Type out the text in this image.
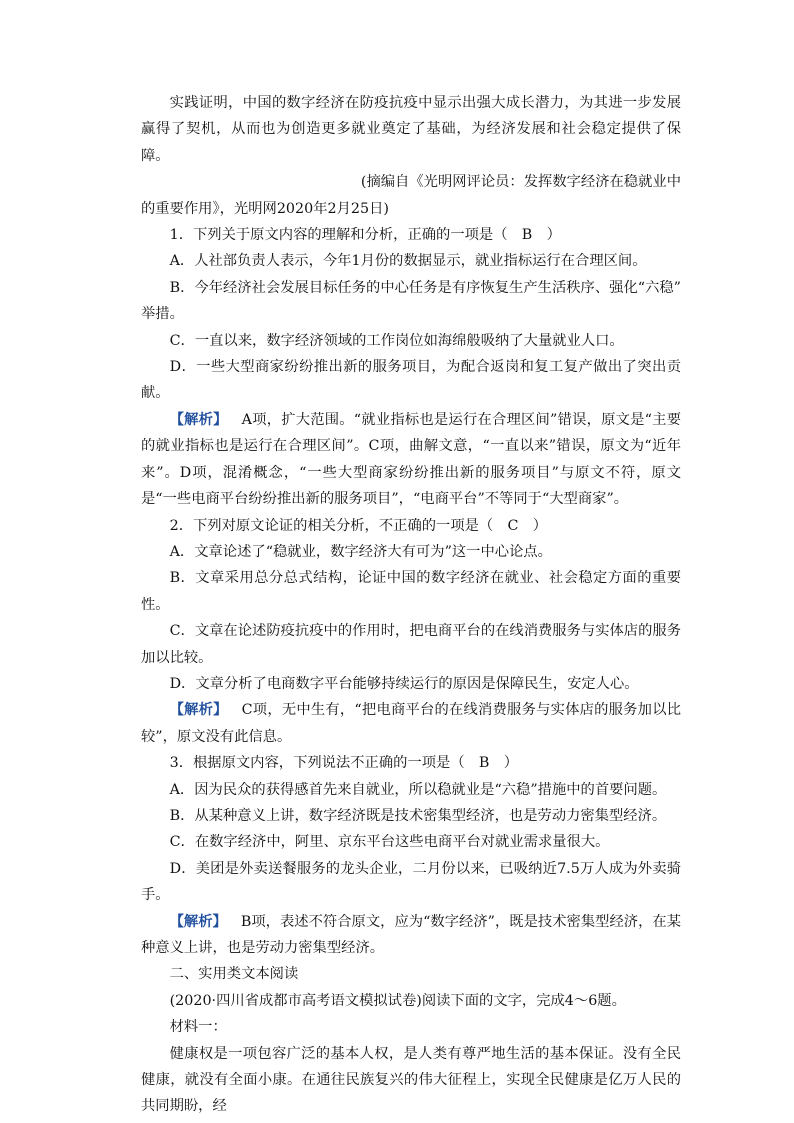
实践证明，中国的数字经济在防疫抗疫中显示出强大成长潜力，为其进一步发展赢得了契机，从而也为创造更多就业奠定了基础，为经济发展和社会稳定提供了保障。

(摘编自《光明网评论员：发挥数字经济在稳就业中

的重要作用》，光明网2020年2月25日)

1．下列关于原文内容的理解和分析，正确的一项是（　B　）

A．人社部负责人表示，今年1月份的数据显示，就业指标运行在合理区间。

B．今年经济社会发展目标任务的中心任务是有序恢复生产生活秩序、强化“六稳” 举措。

C．一直以来，数字经济领域的工作岗位如海绵般吸纳了大量就业人口。

D．一些大型商家纷纷推出新的服务项目，为配合返岗和复工复产做出了突出贡献。

【解析】 A项，扩大范围。“就业指标也是运行在合理区间”错误，原文是“主要的就业指标也是运行在合理区间”。C项，曲解文意，“一直以来”错误，原文为“近年来”。D项，混淆概念，“一些大型商家纷纷推出新的服务项目”与原文不符，原文是“一些电商平台纷纷推出新的服务项目”，“电商平台”不等同于“大型商家”。

2．下列对原文论证的相关分析，不正确的一项是（　C　）

A．文章论述了“稳就业，数字经济大有可为”这一中心论点。

B．文章采用总分总式结构，论证中国的数字经济在就业、社会稳定方面的重要性。

C．文章在论述防疫抗疫中的作用时，把电商平台的在线消费服务与实体店的服务加以比较。

D．文章分析了电商数字平台能够持续运行的原因是保障民生，安定人心。

【解析】 C项，无中生有，“把电商平台的在线消费服务与实体店的服务加以比较”，原文没有此信息。

3．根据原文内容，下列说法不正确的一项是（　B　）

A．因为民众的获得感首先来自就业，所以稳就业是“六稳”措施中的首要问题。

B．从某种意义上讲，数字经济既是技术密集型经济，也是劳动力密集型经济。

C．在数字经济中，阿里、京东平台这些电商平台对就业需求量很大。

D．美团是外卖送餐服务的龙头企业，二月份以来，已吸纳近7.5万人成为外卖骑手。

【解析】 B项，表述不符合原文，应为“数字经济”，既是技术密集型经济，在某种意义上讲，也是劳动力密集型经济。

二、实用类文本阅读

(2020·四川省成都市高考语文模拟试卷)阅读下面的文字，完成4～6题。

材料一：

健康权是一项包容广泛的基本人权，是人类有尊严地生活的基本保证。没有全民健康，就没有全面小康。在通往民族复兴的伟大征程上，实现全民健康是亿万人民的共同期盼，经
